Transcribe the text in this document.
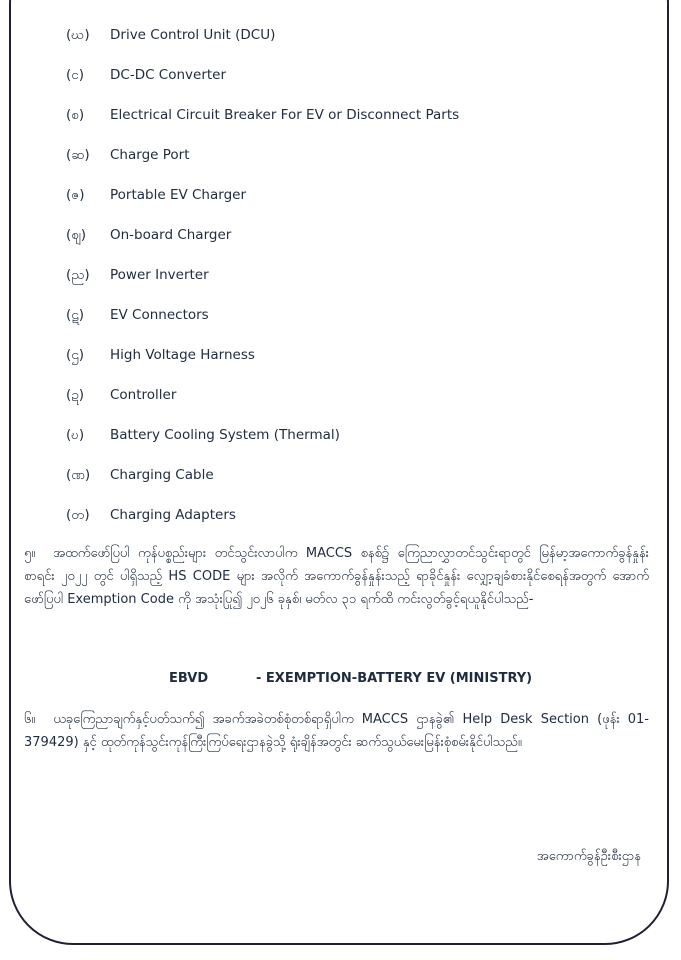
(ဃ) Drive Control Unit (DCU)
(င) DC-DC Converter
(စ) Electrical Circuit Breaker For EV or Disconnect Parts
(ဆ) Charge Port
(ဇ) Portable EV Charger
(ဈ) On-board Charger
(ည) Power Inverter
(ဋ) EV Connectors
(ဌ) High Voltage Harness
(ဍ) Controller
(ဎ) Battery Cooling System (Thermal)
(ဏ) Charging Cable
(တ) Charging Adapters
၅။ အထက်ဖော်ပြပါ ကုန်ပစ္စည်းများ တင်သွင်းလာပါက MACCS စနစ်၌ ကြေညာလွှာတင်သွင်းရာတွင် မြန်မာ့အကောက်ခွန်နှုန်းစာရင်း ၂၀၂၂ တွင် ပါရှိသည့် HS CODE များ အလိုက် အကောက်ခွန်နှုန်းသည့် ရာခိုင်နှုန်း လျှော့ချခံစားနိုင်စေရန်အတွက် အောက်ဖော်ပြပါ Exemption Code ကို အသုံးပြု၍ ၂၀၂၆ ခုနှစ်၊ မတ်လ ၃၁ ရက်ထိ ကင်းလွတ်ခွင့်ရယူနိုင်ပါသည်-
EBVD	- EXEMPTION-BATTERY EV (MINISTRY)
၆။ ယခုကြေညာချက်နှင့်ပတ်သက်၍ အခက်အခဲတစ်စုံတစ်ရာရှိပါက MACCS ဌာနခွဲ၏ Help Desk Section (ဖုန်း 01-379429) နှင့် ထုတ်ကုန်သွင်းကုန်ကြီးကြပ်ရေးဌာနခွဲသို့ ရုံးချိန်အတွင်း ဆက်သွယ်မေးမြန်းစုံစမ်းနိုင်ပါသည်။
အကောက်ခွန်ဦးစီးဌာန
